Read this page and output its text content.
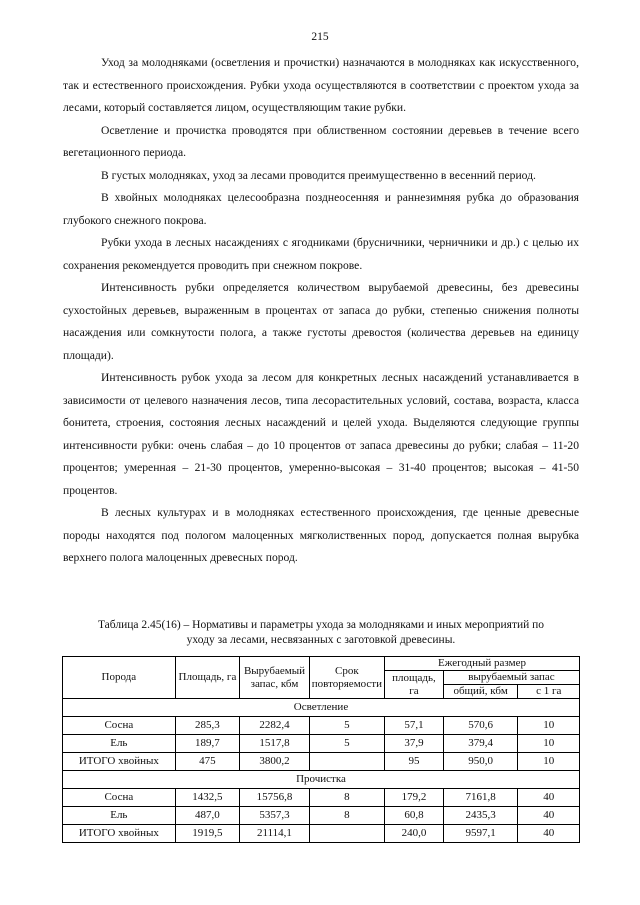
215

Уход за молодняками (осветления и прочистки) назначаются в молодняках как искусственного, так и естественного происхождения. Рубки ухода осуществляются в соответствии с проектом ухода за лесами, который составляется лицом, осуществляющим такие рубки.

Осветление и прочистка проводятся при облиственном состоянии деревьев в течение всего вегетационного периода.

В густых молодняках, уход за лесами проводится преимущественно в весенний период.

В хвойных молодняках целесообразна позднеосенняя и раннезимняя рубка до образования глубокого снежного покрова.

Рубки ухода в лесных насаждениях с ягодниками (брусничники, черничники и др.) с целью их сохранения рекомендуется проводить при снежном покрове.

Интенсивность рубки определяется количеством вырубаемой древесины, без древесины сухостойных деревьев, выраженным в процентах от запаса до рубки, степенью снижения полноты насаждения или сомкнутости полога, а также густоты древостоя (количества деревьев на единицу площади).

Интенсивность рубок ухода за лесом для конкретных лесных насаждений устанавливается в зависимости от целевого назначения лесов, типа лесорастительных условий, состава, возраста, класса бонитета, строения, состояния лесных насаждений и целей ухода. Выделяются следующие группы интенсивности рубки: очень слабая – до 10 процентов от запаса древесины до рубки; слабая – 11-20 процентов; умеренная – 21-30 процентов, умеренно-высокая – 31-40 процентов; высокая – 41-50 процентов.

В лесных культурах и в молодняках естественного происхождения, где ценные древесные породы находятся под пологом малоценных мягколиственных пород, допускается полная вырубка верхнего полога малоценных древесных пород.

Таблица 2.45(16) – Нормативы и параметры ухода за молодняками и иных мероприятий по
уходу за лесами, несвязанных с заготовкой древесины.
Порода	Площадь, га	Вырубаемый запас, кбм	Срок повторяемости	Ежегодный размер		
				площадь, га	вырубаемый запас	
					общий, кбм	с 1 га
Осветление						
Сосна	285,3	2282,4	5	57,1	570,6	10
Ель	189,7	1517,8	5	37,9	379,4	10
ИТОГО хвойных	475	3800,2		95	950,0	10
Прочистка						
Сосна	1432,5	15756,8	8	179,2	7161,8	40
Ель	487,0	5357,3	8	60,8	2435,3	40
ИТОГО хвойных	1919,5	21114,1		240,0	9597,1	40
